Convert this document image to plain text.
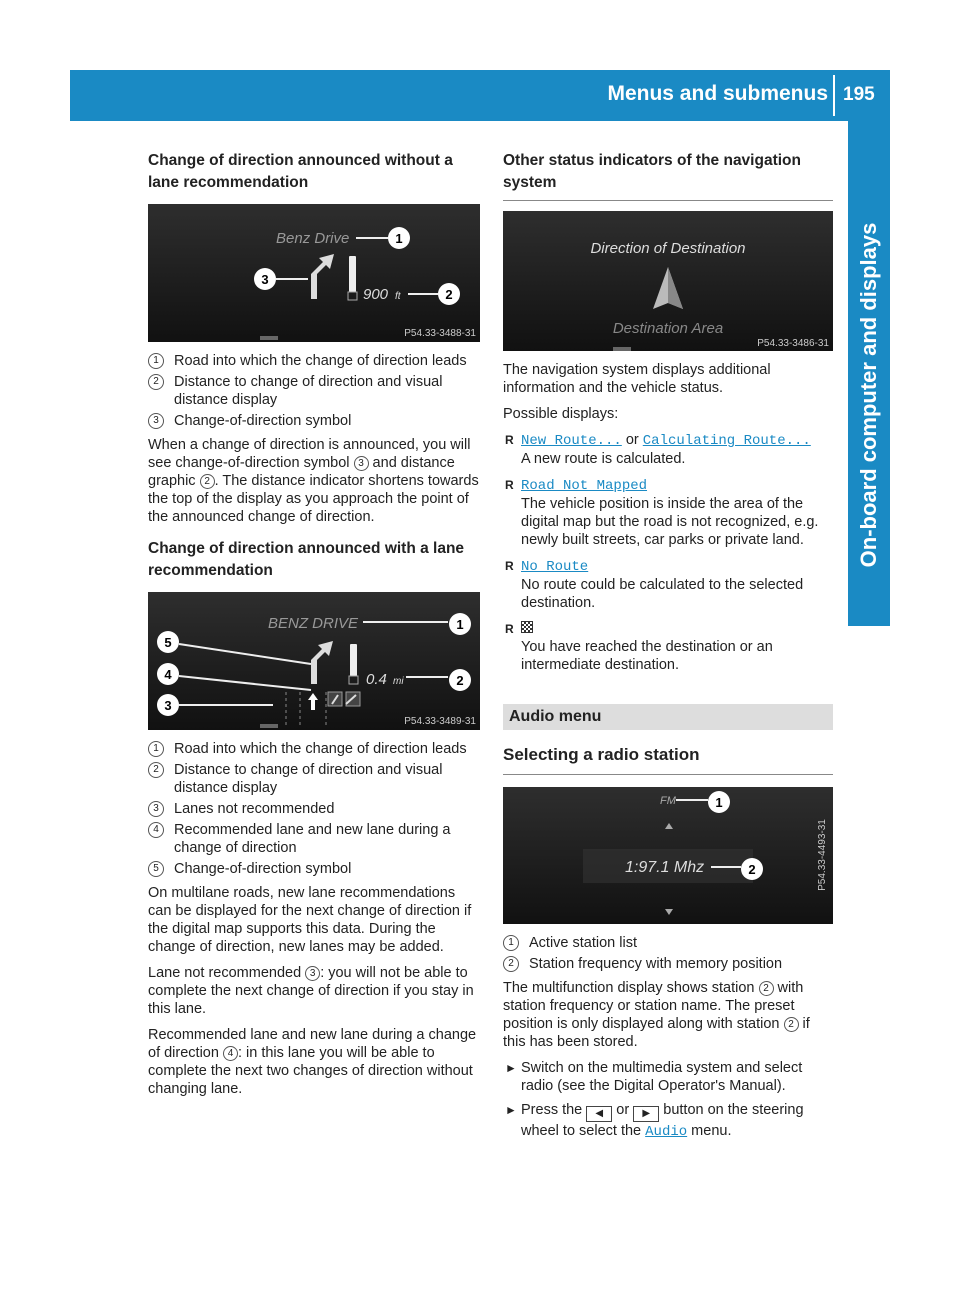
Menus and submenus 195
On-board computer and displays
Change of direction announced without a lane recommendation
Benz Drive	1
900 ft	2
3
P54.33-3488-31
1	Road into which the change of direction leads
2	Distance to change of direction and visual distance display
3	Change-of-direction symbol

When a change of direction is announced, you will see change-of-direction symbol 3 and distance graphic 2 . The distance indicator shortens towards the top of the display as you approach the point of the announced change of direction.

Change of direction announced with a lane recommendation
BENZ DRIVE	1
0.4 mi	2
5
4
3
P54.33-3489-31
1	Road into which the change of direction leads
2	Distance to change of direction and visual distance display
3	Lanes not recommended
4	Recommended lane and new lane during a change of direction
5	Change-of-direction symbol

On multilane roads, new lane recommendations can be displayed for the next change of direction if the digital map supports this data. During the change of direction, new lanes may be added.

Lane not recommended 3 : you will not be able to complete the next change of direction if you stay in this lane.

Recommended lane and new lane during a change of direction 4 : in this lane you will be able to complete the next two changes of direction without changing lane.

Other status indicators of the navigation system
Direction of Destination
Destination Area
P54.33-3486-31

The navigation system displays additional information and the vehicle status.

Possible displays:

R New Route... or Calculating Route...
A new route is calculated.
R Road Not Mapped
The vehicle position is inside the area of the digital map but the road is not recognized, e.g. newly built streets, car parks or private land.
R No Route
No route could be calculated to the selected destination.
R

You have reached the destination or an intermediate destination.
Audio menu
Selecting a radio station
FM	1
1:97.1 Mhz	2	P54.33-4493-31
1	Active station list
2	Station frequency with memory position

The multifunction display shows station 2 with station frequency or station name. The preset position is only displayed along with station 2 if this has been stored.

► Switch on the multimedia system and select radio (see the Digital Operator's Manual).
► Press the ◀ or ▶ button on the steering wheel to select the Audio menu.
